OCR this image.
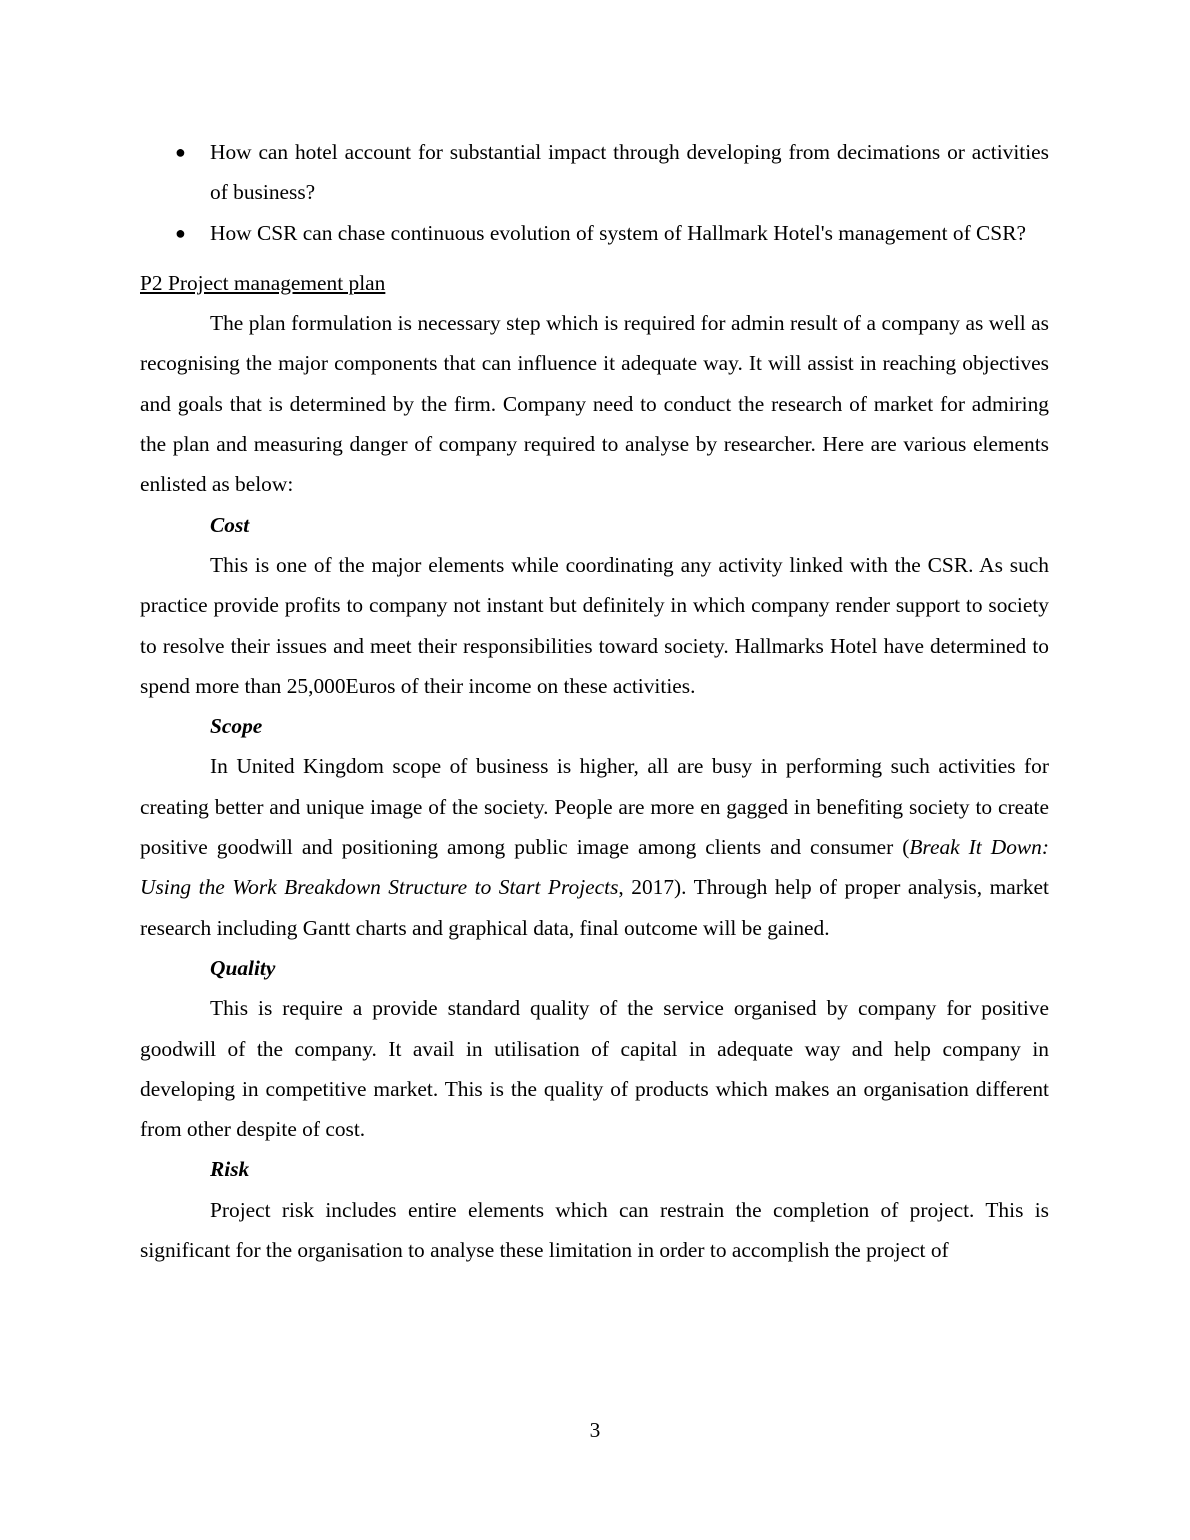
● How can hotel account for substantial impact through developing from decimations or activities of business?
● How CSR can chase continuous evolution of system of Hallmark Hotel's management of CSR?

P2 Project management plan

The plan formulation is necessary step which is required for admin result of a company as well as recognising the major components that can influence it adequate way. It will assist in reaching objectives and goals that is determined by the firm. Company need to conduct the research of market for admiring the plan and measuring danger of company required to analyse by researcher. Here are various elements enlisted as below:

Cost

This is one of the major elements while coordinating any activity linked with the CSR. As such practice provide profits to company not instant but definitely in which company render support to society to resolve their issues and meet their responsibilities toward society. Hallmarks Hotel have determined to spend more than 25,000Euros of their income on these activities.

Scope

In United Kingdom scope of business is higher, all are busy in performing such activities for creating better and unique image of the society. People are more en gagged in benefiting society to create positive goodwill and positioning among public image among clients and consumer (Break It Down: Using the Work Breakdown Structure to Start Projects, 2017). Through help of proper analysis, market research including Gantt charts and graphical data, final outcome will be gained.

Quality

This is require a provide standard quality of the service organised by company for positive goodwill of the company. It avail in utilisation of capital in adequate way and help company in developing in competitive market. This is the quality of products which makes an organisation different from other despite of cost.

Risk

Project risk includes entire elements which can restrain the completion of project. This is significant for the organisation to analyse these limitation in order to accomplish the project of

3
